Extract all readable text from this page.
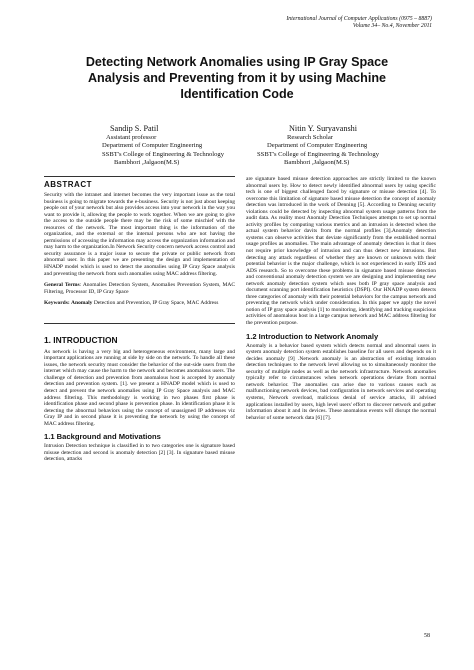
International Journal of Computer Applications (0975 – 8887)
Volume 34– No.4, November 2011
Detecting Network Anomalies using IP Gray Space
Analysis and Preventing from it by using Machine
Identification Code
Sandip S. Patil
Assistant professor
Department of Computer Engineering
SSBT's College of Engineering & Technology
Bambhori ,Jalgaon(M.S)
Nitin Y. Suryavanshi
Research Scholar
Department of Computer Engineering
SSBT's College of Engineering & Technology
Bambhori ,Jalgaon(M.S)
ABSTRACT

Security with the intranet and internet becomes the very important issue as the total business is going to migrate towards the e-business. Security is not just about keeping people out of your network but also provides access into your network in the way you want to provide it, allowing the people to work together. When we are going to give the access to the outside people there may be the risk of some mischief with the resources of the network. The most important thing is the information of the organization, and the external or the internal persons who are not having the permissions of accessing the information may access the organization information and may harm to the organization.In Network Security concern network access control and security assurance is a major issue to secure the private or public network from abnormal user. In this paper we are presenting the design and implementation of HNADP model which is used to detect the anomalies using IP Gray Space analysis and preventing the network from such anomalies using MAC address filtering.

General Terms: Anomalies Detection System, Anomalies Prevention System, MAC Filtering, Processor ID, IP Gray Space

Keywords: Anomaly Detection and Prevention, IP Gray Space, MAC Address

1. INTRODUCTION

As network is having a very big and heterogeneous environment, many large and important applications are running at side by side on the network. To handle all these issues, the network security must consider the behavior of the out-side users from the internet which may cause the harm to the network and becomes anomalous users. The challenge of detection and prevention from anomalous host is accepted by anomaly detection and prevention system. [1]. we present a HNADP model which is used to detect and prevent the network anomalies using IP Gray Space analysis and MAC address filtering. This methodology is working in two phases first phase is identification phase and second phase is prevention phase. In identification phase it is detecting the abnormal behaviors using the concept of unassigned IP addresses viz Gray IP and in second phase it is preventing the network by using the concept of MAC address filtering.

1.1 Background and Motivations

Intrusion Detection technique is classified in to two categories one is signature based misuse detection and second is anomaly detection [2] [3]. In signature based misuse detection, attacks

are signature based misuse detection approaches are strictly limited to the known abnormal users by. How to detect newly identified abnormal users by using specific tech is one of biggest challenged faced by signature or misuse detection [4]. To overcome this limitation of signature based misuse detection the concept of anomaly detection was introduced in the work of Denning [5]. According to Denning security violations could be detected by inspecting abnormal system usage patterns from the audit data. As reality most Anomaly Detection Techniques attempts to set up normal activity profiles by computing various metrics and an intrusion is detected when the actual system behavior davits from the normal profiles [3].Anomaly detection systems can observe activities that deviate significantly from the established normal usage profiles as anomalies. The main advantage of anomaly detection is that it does not require prior knowledge of intrusion and can thus detect new intrusions. But detecting any attack regardless of whether they are known or unknown with their potential behavior is the major challenge, which is not experienced in early IDS and ADS research. So to overcome these problems in signature based misuse detection and conventional anomaly detection system we are designing and implementing new network anomaly detection system which uses both IP gray space analysis and document scanning port identification heuristics (DSPI). Our HNADP system detects three categories of anomaly with their potential behaviors for the campus network and preventing the network which under consideration. In this paper we apply the novel notion of IP gray space analysis [1] to monitoring, identifying and tracking suspicious activities of anomalous host in a large campus network and MAC address filtering for the prevention purpose.

1.2 Introduction to Network Anomaly

Anomaly is a behavior based system which detects normal and abnormal users in system anomaly detection system establishes baseline for all users and depends on it decides anomaly [9] .Network anomaly is an abstraction of existing intrusion detection techniques to the network level allowing us to simultaneously monitor the security of multiple nodes as well as the network infrastructure. Network anomalies typically refer to circumstances when network operations deviate from normal network behavior. The anomalies can arise due to various causes such as malfunctioning network devices, bad configuration in network services and operating systems, Network overload, malicious denial of service attacks, ill advised applications installed by users, high level users' effort to discover network and gather information about it and its devices. These anomalous events will disrupt the normal behavior of some network data [6] [7].

58
